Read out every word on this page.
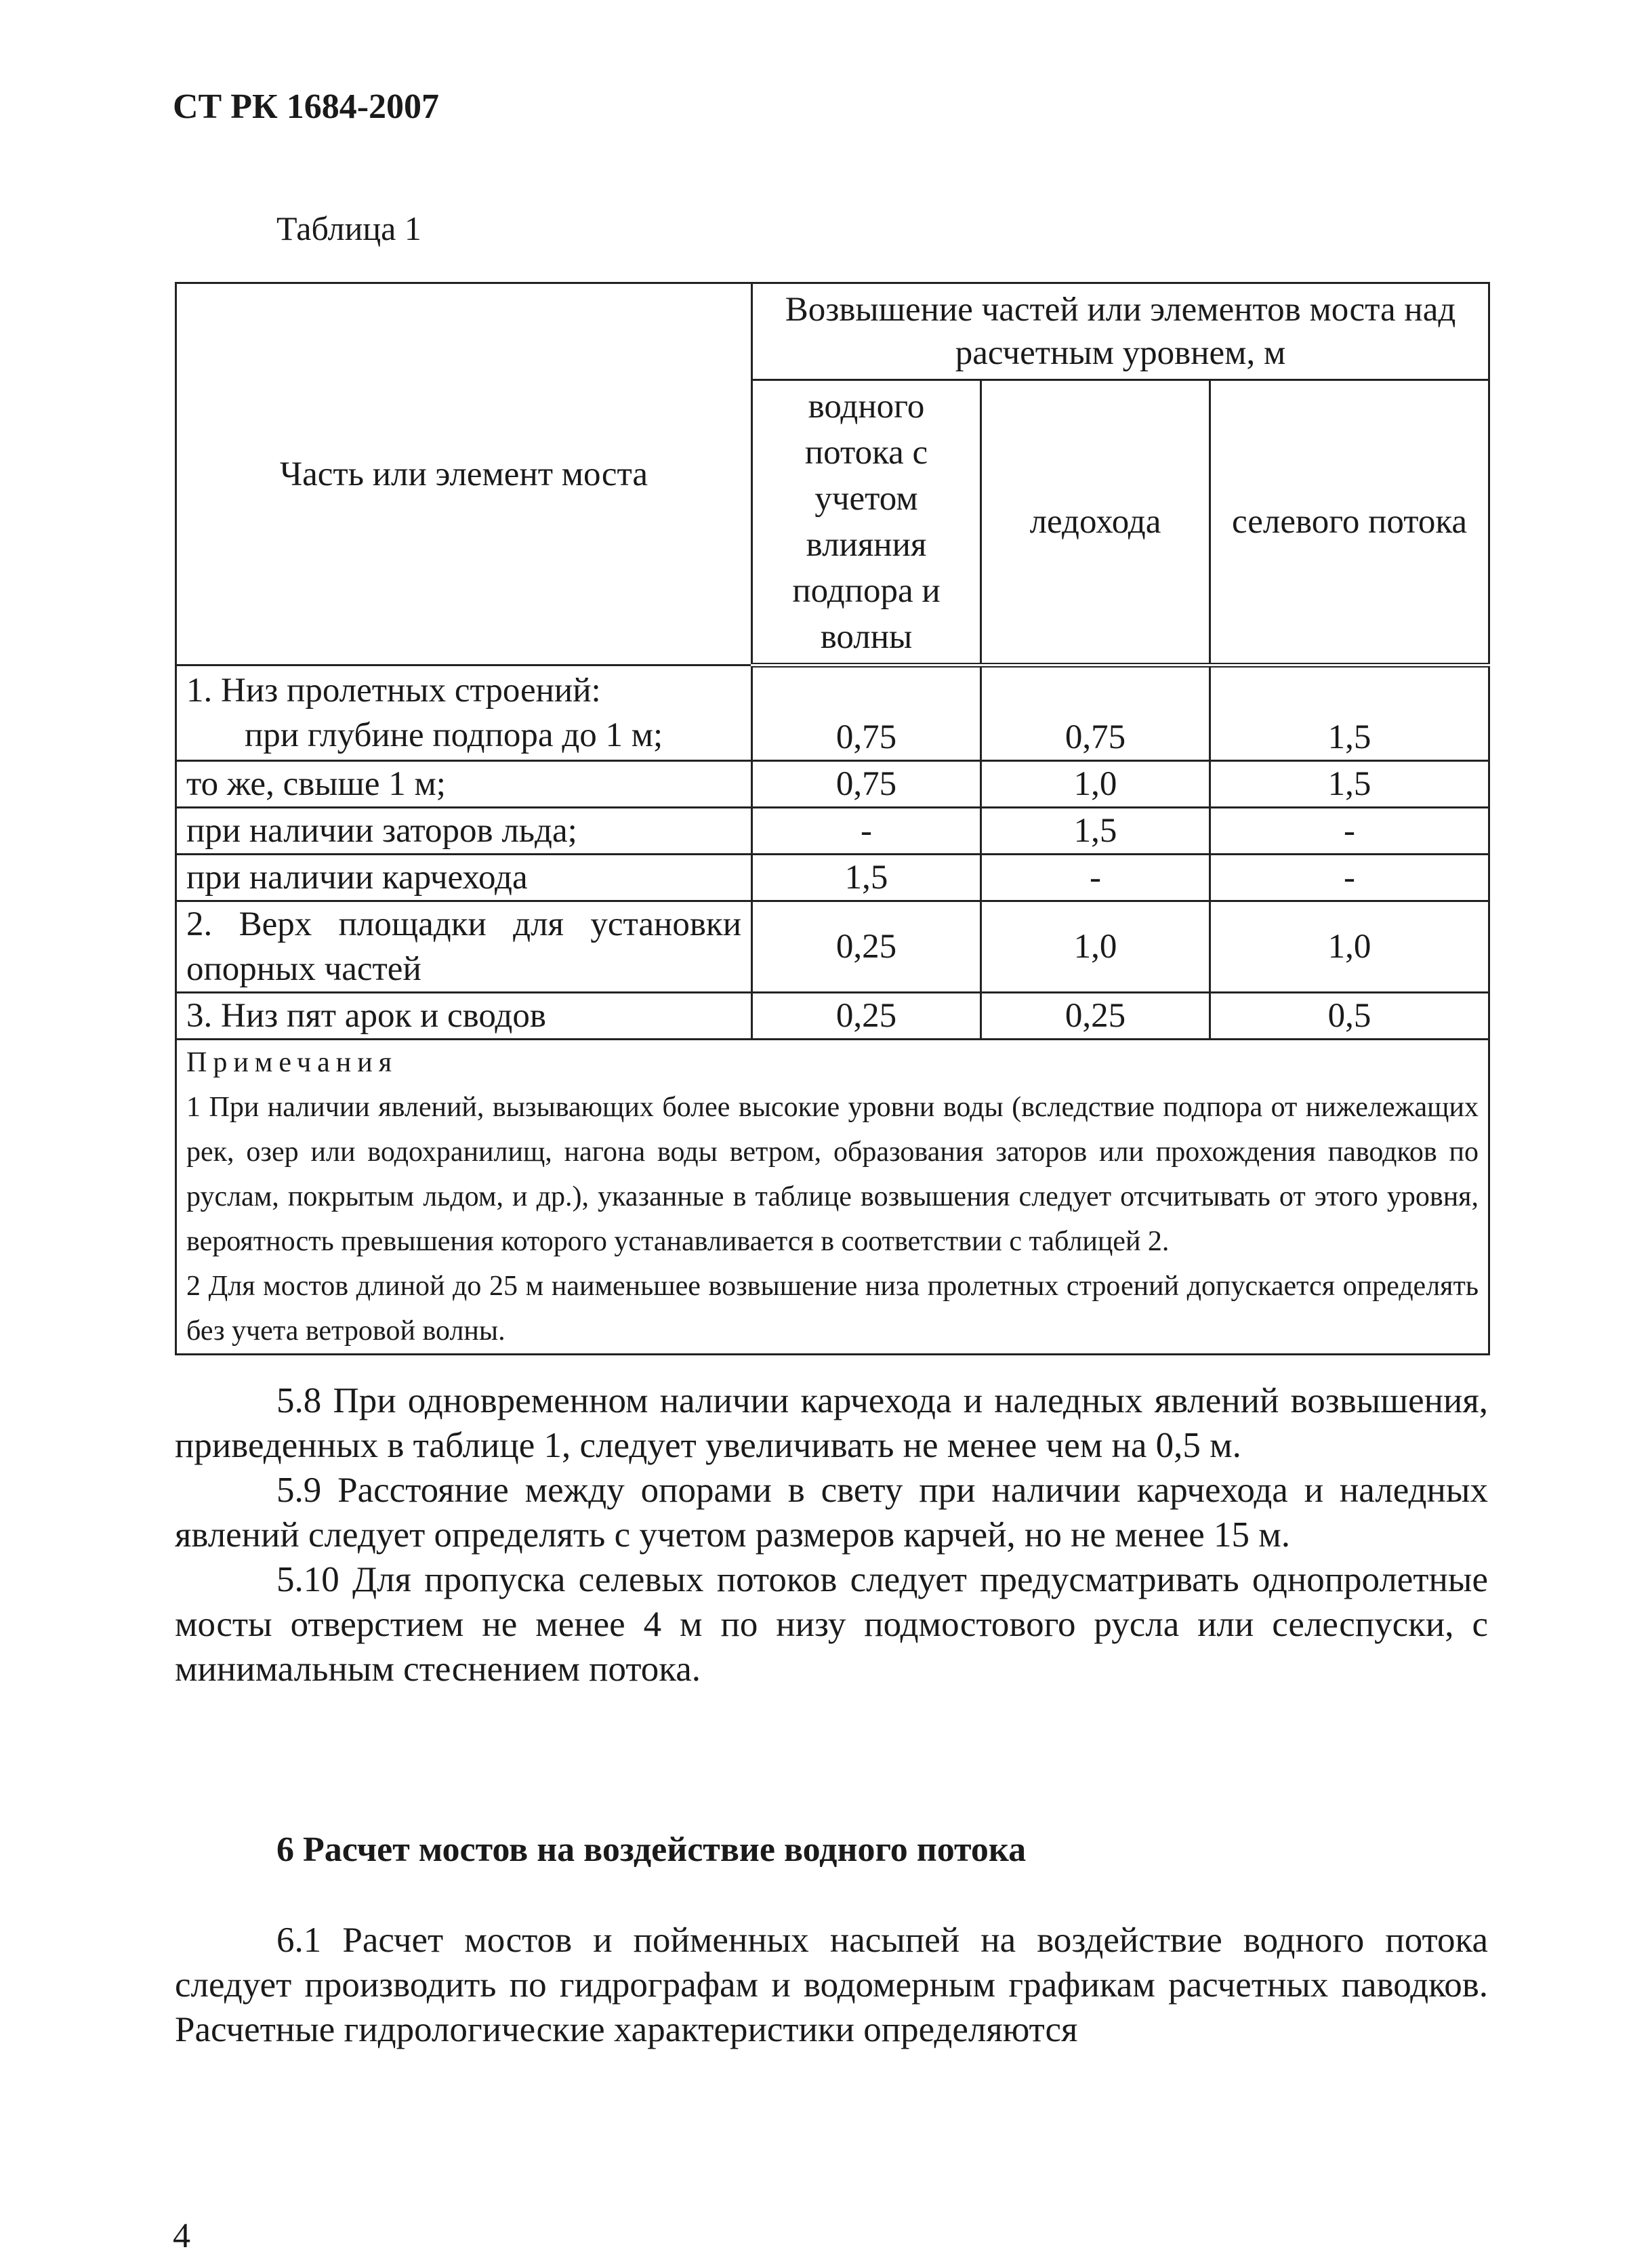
СТ РК 1684-2007
Таблица 1
Часть или элемент моста	Возвышение частей или элементов моста над расчетным уровнем, м		
	водного потока с учетом влияния подпора и волны	ледохода	селевого потока

1. Низ пролетных строений:
при глубине подпора до 1 м;	0,75	0,75	1,5
то же, свыше 1 м;	0,75	1,0	1,5
при наличии заторов льда;	-	1,5	-
при наличии карчехода	1,5	-	-

2. Верх площадки для установки
опорных частей	0,25	1,0	1,0
3. Низ пят арок и сводов	0,25	0,25	0,5

Примечания

1 При наличии явлений, вызывающих более высокие уровни воды (вследствие подпора от нижележащих рек, озер или водохранилищ, нагона воды ветром, образования заторов или прохождения паводков по руслам, покрытым льдом, и др.), указанные в таблице возвышения следует отсчитывать от этого уровня, вероятность превышения которого устанавливается в соответствии с таблицей 2.

2 Для мостов длиной до 25 м наименьшее возвышение низа пролетных строений допускается определять без учета ветровой волны.			

5.8 При одновременном наличии карчехода и наледных явлений возвышения, приведенных в таблице 1, следует увеличивать не менее чем на 0,5 м.

5.9 Расстояние между опорами в свету при наличии карчехода и наледных явлений следует определять с учетом размеров карчей, но не менее 15 м.

5.10 Для пропуска селевых потоков следует предусматривать однопролетные мосты отверстием не менее 4 м по низу подмостового русла или селеспуски, с минимальным стеснением потока.

6 Расчет мостов на воздействие водного потока

6.1 Расчет мостов и пойменных насыпей на воздействие водного потока следует производить по гидрографам и водомерным графикам расчетных паводков. Расчетные гидрологические характеристики определяются

4
